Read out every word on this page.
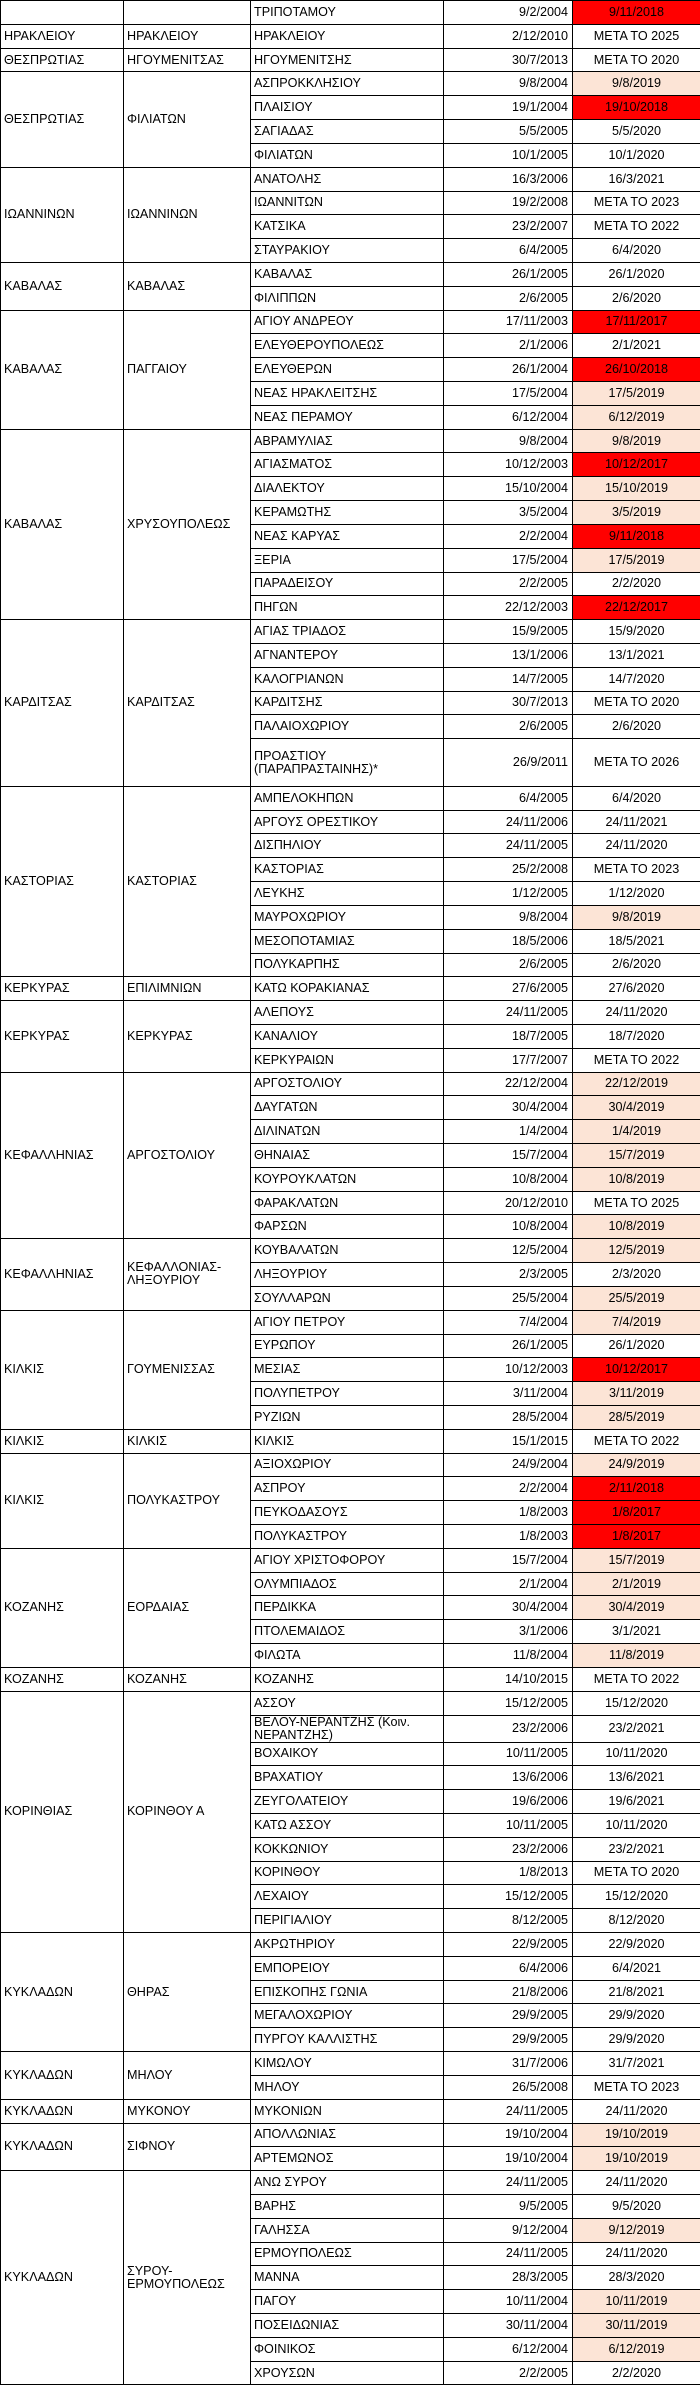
		ΤΡΙΠΟΤΑΜΟΥ	9/2/2004	9/11/2018
ΗΡΑΚΛΕΙΟΥ	ΗΡΑΚΛΕΙΟΥ	ΗΡΑΚΛΕΙΟΥ	2/12/2010	ΜΕΤΑ ΤΟ 2025
ΘΕΣΠΡΩΤΙΑΣ	ΗΓΟΥΜΕΝΙΤΣΑΣ	ΗΓΟΥΜΕΝΙΤΣΗΣ	30/7/2013	ΜΕΤΑ ΤΟ 2020
ΘΕΣΠΡΩΤΙΑΣ	ΦΙΛΙΑΤΩΝ	ΑΣΠΡΟΚΚΛΗΣΙΟΥ	9/8/2004	9/8/2019
		ΠΛΑΙΣΙΟΥ	19/1/2004	19/10/2018
		ΣΑΓΙΑΔΑΣ	5/5/2005	5/5/2020
		ΦΙΛΙΑΤΩΝ	10/1/2005	10/1/2020
ΙΩΑΝΝΙΝΩΝ	ΙΩΑΝΝΙΝΩΝ	ΑΝΑΤΟΛΗΣ	16/3/2006	16/3/2021
		ΙΩΑΝΝΙΤΩΝ	19/2/2008	ΜΕΤΑ ΤΟ 2023
		ΚΑΤΣΙΚΑ	23/2/2007	ΜΕΤΑ ΤΟ 2022
		ΣΤΑΥΡΑΚΙΟΥ	6/4/2005	6/4/2020
ΚΑΒΑΛΑΣ	ΚΑΒΑΛΑΣ	ΚΑΒΑΛΑΣ	26/1/2005	26/1/2020
		ΦΙΛΙΠΠΩΝ	2/6/2005	2/6/2020
ΚΑΒΑΛΑΣ	ΠΑΓΓΑΙΟΥ	ΑΓΙΟΥ ΑΝΔΡΕΟΥ	17/11/2003	17/11/2017
		ΕΛΕΥΘΕΡΟΥΠΟΛΕΩΣ	2/1/2006	2/1/2021
		ΕΛΕΥΘΕΡΩΝ	26/1/2004	26/10/2018
		ΝΕΑΣ ΗΡΑΚΛΕΙΤΣΗΣ	17/5/2004	17/5/2019
		ΝΕΑΣ ΠΕΡΑΜΟΥ	6/12/2004	6/12/2019
ΚΑΒΑΛΑΣ	ΧΡΥΣΟΥΠΟΛΕΩΣ	ΑΒΡΑΜΥΛΙΑΣ	9/8/2004	9/8/2019
		ΑΓΙΑΣΜΑΤΟΣ	10/12/2003	10/12/2017
		ΔΙΑΛΕΚΤΟΥ	15/10/2004	15/10/2019
		ΚΕΡΑΜΩΤΗΣ	3/5/2004	3/5/2019
		ΝΕΑΣ ΚΑΡΥΑΣ	2/2/2004	9/11/2018
		ΞΕΡΙΑ	17/5/2004	17/5/2019
		ΠΑΡΑΔΕΙΣΟΥ	2/2/2005	2/2/2020
		ΠΗΓΩΝ	22/12/2003	22/12/2017
ΚΑΡΔΙΤΣΑΣ	ΚΑΡΔΙΤΣΑΣ	ΑΓΙΑΣ ΤΡΙΑΔΟΣ	15/9/2005	15/9/2020
		ΑΓΝΑΝΤΕΡΟΥ	13/1/2006	13/1/2021
		ΚΑΛΟΓΡΙΑΝΩΝ	14/7/2005	14/7/2020
		ΚΑΡΔΙΤΣΗΣ	30/7/2013	ΜΕΤΑ ΤΟ 2020
		ΠΑΛΑΙΟΧΩΡΙΟΥ	2/6/2005	2/6/2020
		ΠΡΟΑΣΤΙΟΥ (ΠΑΡΑΠΡΑΣΤΑΙΝΗΣ)*	26/9/2011	ΜΕΤΑ ΤΟ 2026
ΚΑΣΤΟΡΙΑΣ	ΚΑΣΤΟΡΙΑΣ	ΑΜΠΕΛΟΚΗΠΩΝ	6/4/2005	6/4/2020
		ΑΡΓΟΥΣ ΟΡΕΣΤΙΚΟΥ	24/11/2006	24/11/2021
		ΔΙΣΠΗΛΙΟΥ	24/11/2005	24/11/2020
		ΚΑΣΤΟΡΙΑΣ	25/2/2008	ΜΕΤΑ ΤΟ 2023
		ΛΕΥΚΗΣ	1/12/2005	1/12/2020
		ΜΑΥΡΟΧΩΡΙΟΥ	9/8/2004	9/8/2019
		ΜΕΣΟΠΟΤΑΜΙΑΣ	18/5/2006	18/5/2021
		ΠΟΛΥΚΑΡΠΗΣ	2/6/2005	2/6/2020
ΚΕΡΚΥΡΑΣ	ΕΠΙΛΙΜΝΙΩΝ	ΚΑΤΩ ΚΟΡΑΚΙΑΝΑΣ	27/6/2005	27/6/2020
ΚΕΡΚΥΡΑΣ	ΚΕΡΚΥΡΑΣ	ΑΛΕΠΟΥΣ	24/11/2005	24/11/2020
		ΚΑΝΑΛΙΟΥ	18/7/2005	18/7/2020
		ΚΕΡΚΥΡΑΙΩΝ	17/7/2007	ΜΕΤΑ ΤΟ 2022
ΚΕΦΑΛΛΗΝΙΑΣ	ΑΡΓΟΣΤΟΛΙΟΥ	ΑΡΓΟΣΤΟΛΙΟΥ	22/12/2004	22/12/2019
		ΔΑΥΓΑΤΩΝ	30/4/2004	30/4/2019
		ΔΙΛΙΝΑΤΩΝ	1/4/2004	1/4/2019
		ΘΗΝΑΙΑΣ	15/7/2004	15/7/2019
		ΚΟΥΡΟΥΚΛΑΤΩΝ	10/8/2004	10/8/2019
		ΦΑΡΑΚΛΑΤΩΝ	20/12/2010	ΜΕΤΑ ΤΟ 2025
		ΦΑΡΣΩΝ	10/8/2004	10/8/2019
ΚΕΦΑΛΛΗΝΙΑΣ	ΚΕΦΑΛΛΟΝΙΑΣ-ΛΗΞΟΥΡΙΟΥ	ΚΟΥΒΑΛΑΤΩΝ	12/5/2004	12/5/2019
		ΛΗΞΟΥΡΙΟΥ	2/3/2005	2/3/2020
		ΣΟΥΛΛΑΡΩΝ	25/5/2004	25/5/2019
ΚΙΛΚΙΣ	ΓΟΥΜΕΝΙΣΣΑΣ	ΑΓΙΟΥ ΠΕΤΡΟΥ	7/4/2004	7/4/2019
		ΕΥΡΩΠΟΥ	26/1/2005	26/1/2020
		ΜΕΣΙΑΣ	10/12/2003	10/12/2017
		ΠΟΛΥΠΕΤΡΟΥ	3/11/2004	3/11/2019
		ΡΥΖΙΩΝ	28/5/2004	28/5/2019
ΚΙΛΚΙΣ	ΚΙΛΚΙΣ	ΚΙΛΚΙΣ	15/1/2015	ΜΕΤΑ ΤΟ 2022
ΚΙΛΚΙΣ	ΠΟΛΥΚΑΣΤΡΟΥ	ΑΞΙΟΧΩΡΙΟΥ	24/9/2004	24/9/2019
		ΑΣΠΡΟΥ	2/2/2004	2/11/2018
		ΠΕΥΚΟΔΑΣΟΥΣ	1/8/2003	1/8/2017
		ΠΟΛΥΚΑΣΤΡΟΥ	1/8/2003	1/8/2017
ΚΟΖΑΝΗΣ	ΕΟΡΔΑΙΑΣ	ΑΓΙΟΥ ΧΡΙΣΤΟΦΟΡΟΥ	15/7/2004	15/7/2019
		ΟΛΥΜΠΙΑΔΟΣ	2/1/2004	2/1/2019
		ΠΕΡΔΙΚΚΑ	30/4/2004	30/4/2019
		ΠΤΟΛΕΜΑΙΔΟΣ	3/1/2006	3/1/2021
		ΦΙΛΩΤΑ	11/8/2004	11/8/2019
ΚΟΖΑΝΗΣ	ΚΟΖΑΝΗΣ	ΚΟΖΑΝΗΣ	14/10/2015	ΜΕΤΑ ΤΟ 2022
ΚΟΡΙΝΘΙΑΣ	ΚΟΡΙΝΘΟΥ Α	ΑΣΣΟΥ	15/12/2005	15/12/2020
		ΒΕΛΟΥ-ΝΕΡΑΝΤΖΗΣ (Κοιν. ΝΕΡΑΝΤΖΗΣ)	23/2/2006	23/2/2021
		ΒΟΧΑΙΚΟΥ	10/11/2005	10/11/2020
		ΒΡΑΧΑΤΙΟΥ	13/6/2006	13/6/2021
		ΖΕΥΓΟΛΑΤΕΙΟΥ	19/6/2006	19/6/2021
		ΚΑΤΩ ΑΣΣΟΥ	10/11/2005	10/11/2020
		ΚΟΚΚΩΝΙΟΥ	23/2/2006	23/2/2021
		ΚΟΡΙΝΘΟΥ	1/8/2013	ΜΕΤΑ ΤΟ 2020
		ΛΕΧΑΙΟΥ	15/12/2005	15/12/2020
		ΠΕΡΙΓΙΑΛΙΟΥ	8/12/2005	8/12/2020
ΚΥΚΛΑΔΩΝ	ΘΗΡΑΣ	ΑΚΡΩΤΗΡΙΟΥ	22/9/2005	22/9/2020
		ΕΜΠΟΡΕΙΟΥ	6/4/2006	6/4/2021
		ΕΠΙΣΚΟΠΗΣ ΓΩΝΙΑ	21/8/2006	21/8/2021
		ΜΕΓΑΛΟΧΩΡΙΟΥ	29/9/2005	29/9/2020
		ΠΥΡΓΟΥ ΚΑΛΛΙΣΤΗΣ	29/9/2005	29/9/2020
ΚΥΚΛΑΔΩΝ	ΜΗΛΟΥ	ΚΙΜΩΛΟΥ	31/7/2006	31/7/2021
		ΜΗΛΟΥ	26/5/2008	ΜΕΤΑ ΤΟ 2023
ΚΥΚΛΑΔΩΝ	ΜΥΚΟΝΟΥ	ΜΥΚΟΝΙΩΝ	24/11/2005	24/11/2020
ΚΥΚΛΑΔΩΝ	ΣΙΦΝΟΥ	ΑΠΟΛΛΩΝΙΑΣ	19/10/2004	19/10/2019
		ΑΡΤΕΜΩΝΟΣ	19/10/2004	19/10/2019
ΚΥΚΛΑΔΩΝ	ΣΥΡΟΥ-ΕΡΜΟΥΠΟΛΕΩΣ	ΑΝΩ ΣΥΡΟΥ	24/11/2005	24/11/2020
		ΒΑΡΗΣ	9/5/2005	9/5/2020
		ΓΑΛΗΣΣΑ	9/12/2004	9/12/2019
		ΕΡΜΟΥΠΟΛΕΩΣ	24/11/2005	24/11/2020
		ΜΑΝΝΑ	28/3/2005	28/3/2020
		ΠΑΓΟΥ	10/11/2004	10/11/2019
		ΠΟΣΕΙΔΩΝΙΑΣ	30/11/2004	30/11/2019
		ΦΟΙΝΙΚΟΣ	6/12/2004	6/12/2019
		ΧΡΟΥΣΩΝ	2/2/2005	2/2/2020
